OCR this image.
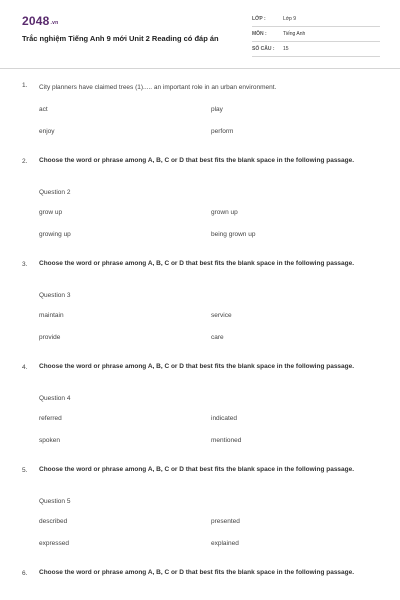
2048.vn
Trắc nghiệm Tiếng Anh 9 mới Unit 2 Reading có đáp án
LỚP :	Lớp 9
MÔN :	Tiếng Anh
SỐ CÂU : 15
1. City planners have claimed trees (1)..... an important role in an urban environment.
act	play
enjoy	perform
2. Choose the word or phrase among A, B, C or D that best fits the blank space in the following passage.
Question 2
grow up	grown up
growing up	being grown up
3. Choose the word or phrase among A, B, C or D that best fits the blank space in the following passage.
Question 3
maintain	service
provide	care
4. Choose the word or phrase among A, B, C or D that best fits the blank space in the following passage.
Question 4
referred	indicated
spoken	mentioned
5. Choose the word or phrase among A, B, C or D that best fits the blank space in the following passage.
Question 5
described	presented
expressed	explained
6. Choose the word or phrase among A, B, C or D that best fits the blank space in the following passage.
